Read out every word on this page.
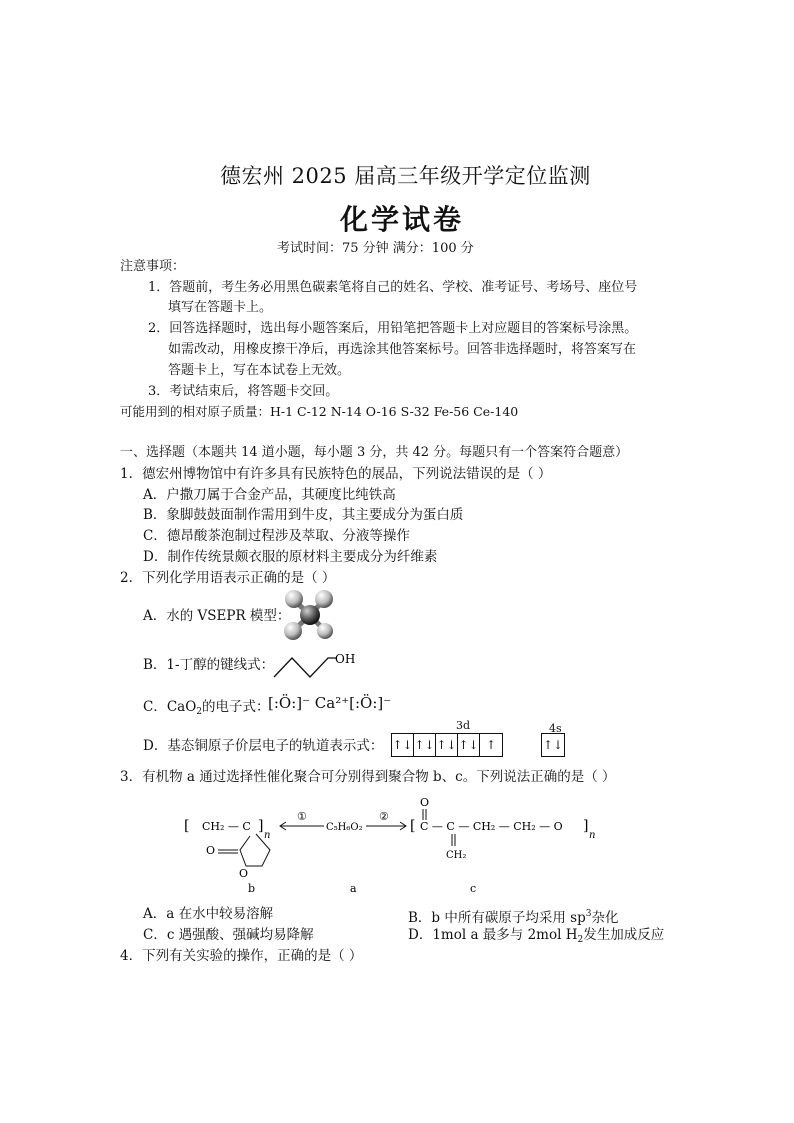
德宏州 2025 届高三年级开学定位监测
化学试卷
考试时间：75 分钟 满分：100 分
注意事项：
1．答题前，考生务必用黑色碳素笔将自己的姓名、学校、准考证号、考场号、座位号
填写在答题卡上。
2．回答选择题时，选出每小题答案后，用铅笔把答题卡上对应题目的答案标号涂黑。
如需改动，用橡皮擦干净后，再选涂其他答案标号。回答非选择题时，将答案写在
答题卡上，写在本试卷上无效。
3．考试结束后，将答题卡交回。
可能用到的相对原子质量：H-1 C-12 N-14 O-16 S-32 Fe-56 Ce-140
一、选择题（本题共 14 道小题，每小题 3 分，共 42 分。每题只有一个答案符合题意）
1．德宏州博物馆中有许多具有民族特色的展品，下列说法错误的是（ ）
A．户撒刀属于合金产品，其硬度比纯铁高
B．象脚鼓鼓面制作需用到牛皮，其主要成分为蛋白质
C．德昂酸茶泡制过程涉及萃取、分液等操作
D．制作传统景颇衣服的原材料主要成分为纤维素
2．下列化学用语表示正确的是（ ）
A．水的 VSEPR 模型：
B．1-丁醇的键线式：	OH
C．CaO$_2$的电子式：
[:Ö:]⁻ Ca²⁺[:Ö:]⁻
D．基态铜原子价层电子的轨道表示式：
3d	4s
↑↓ ↑↓ ↑↓ ↑↓ ↑	↑↓
3．有机物 a 通过选择性催化聚合可分别得到聚合物 b、c。下列说法正确的是（ ）
[ CH₂ — C ]
n
O
O
b
①
C₅H₆O₂
a
②
[
O
C — C — CH₂ — CH₂ — O
CH₂
]
n
c
A．a 在水中较易溶解	B．b 中所有碳原子均采用 $sp^3$杂化
C．c 遇强酸、强碱均易降解	D．1mol a 最多与 2mol $H_2$发生加成反应
4．下列有关实验的操作，正确的是（ ）
